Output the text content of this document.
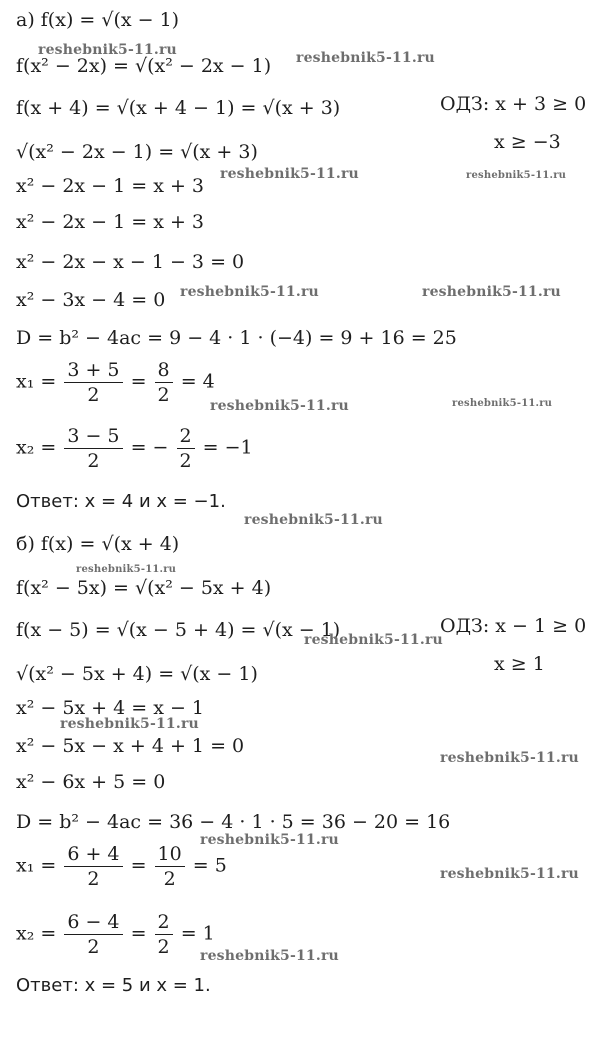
а) f(x) = √(x − 1)
f(x² − 2x) = √(x² − 2x − 1)
f(x + 4) = √(x + 4 − 1) = √(x + 3)	ОДЗ: x + 3 ≥ 0
x ≥ −3
√(x² − 2x − 1) = √(x + 3)
x² − 2x − 1 = x + 3
x² − 2x − 1 = x + 3
x² − 2x − x − 1 − 3 = 0
x² − 3x − 4 = 0
D = b² − 4ac = 9 − 4 · 1 · (−4) = 9 + 16 = 25
$x_1 = \frac{3 + 5}{2} = \frac{8}{2} = 4$
$x_2 = \frac{3 - 5}{2}$ = − $\frac{2}{2} = -1$
Ответ: x = 4 и x = −1.
б) f(x) = √(x + 4)
f(x² − 5x) = √(x² − 5x + 4)
f(x − 5) = √(x − 5 + 4) = √(x − 1)	ОДЗ: x − 1 ≥ 0
x ≥ 1
√(x² − 5x + 4) = √(x − 1)
x² − 5x + 4 = x − 1
x² − 5x − x + 4 + 1 = 0
x² − 6x + 5 = 0
D = b² − 4ac = 36 − 4 · 1 · 5 = 36 − 20 = 16
$x_1 = \frac{6 + 4}{2} = \frac{10}{2} = 5$
$x_2 = \frac{6 - 4}{2} = \frac{2}{2} = 1$
Ответ: x = 5 и x = 1.
reshebnik5-11.ru	reshebnik5-11.ru
reshebnik5-11.ru	reshebnik5-11.ru
reshebnik5-11.ru	reshebnik5-11.ru
reshebnik5-11.ru	reshebnik5-11.ru
reshebnik5-11.ru
reshebnik5-11.ru
reshebnik5-11.ru
reshebnik5-11.ru
reshebnik5-11.ru
reshebnik5-11.ru
reshebnik5-11.ru
reshebnik5-11.ru
